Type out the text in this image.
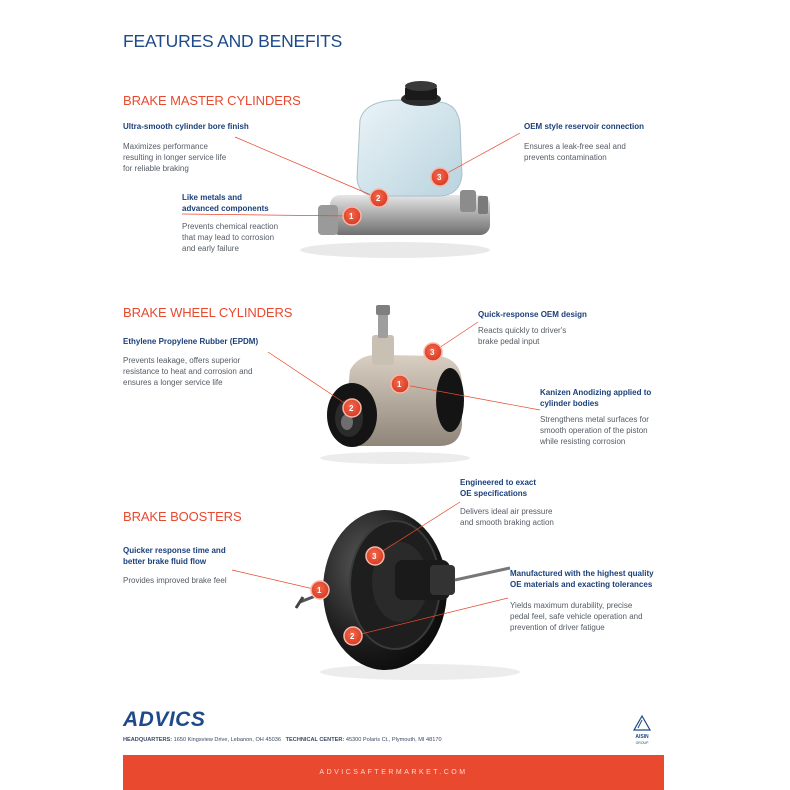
FEATURES AND BENEFITS
BRAKE MASTER CYLINDERS
BRAKE WHEEL CYLINDERS
BRAKE BOOSTERS
1
2
3
1
2
3
1
2
3
Ultra-smooth cylinder bore finish
Maximizes performance
resulting in longer service life
for reliable braking
Like metals and
advanced components
Prevents chemical reaction
that may lead to corrosion
and early failure
OEM style reservoir connection
Ensures a leak-free seal and
prevents contamination
Ethylene Propylene Rubber (EPDM)
Prevents leakage, offers superior
resistance to heat and corrosion and
ensures a longer service life
Quick-response OEM design
Reacts quickly to driver's
brake pedal input
Kanizen Anodizing applied to
cylinder bodies
Strengthens metal surfaces for
smooth operation of the piston
while resisting corrosion
Quicker response time and
better brake fluid flow
Provides improved brake feel
Engineered to exact
OE specifications
Delivers ideal air pressure
and smooth braking action
Manufactured with the highest quality
OE materials and exacting tolerances
Yields maximum durability, precise
pedal feel, safe vehicle operation and
prevention of driver fatigue
ADVICS
HEADQUARTERS: 1650 Kingsview Drive, Lebanon, OH 45036 TECHNICAL CENTER: 45300 Polaris Ct., Plymouth, MI 48170	AISIN
GROUP
ADVICSAFTERMARKET.COM
